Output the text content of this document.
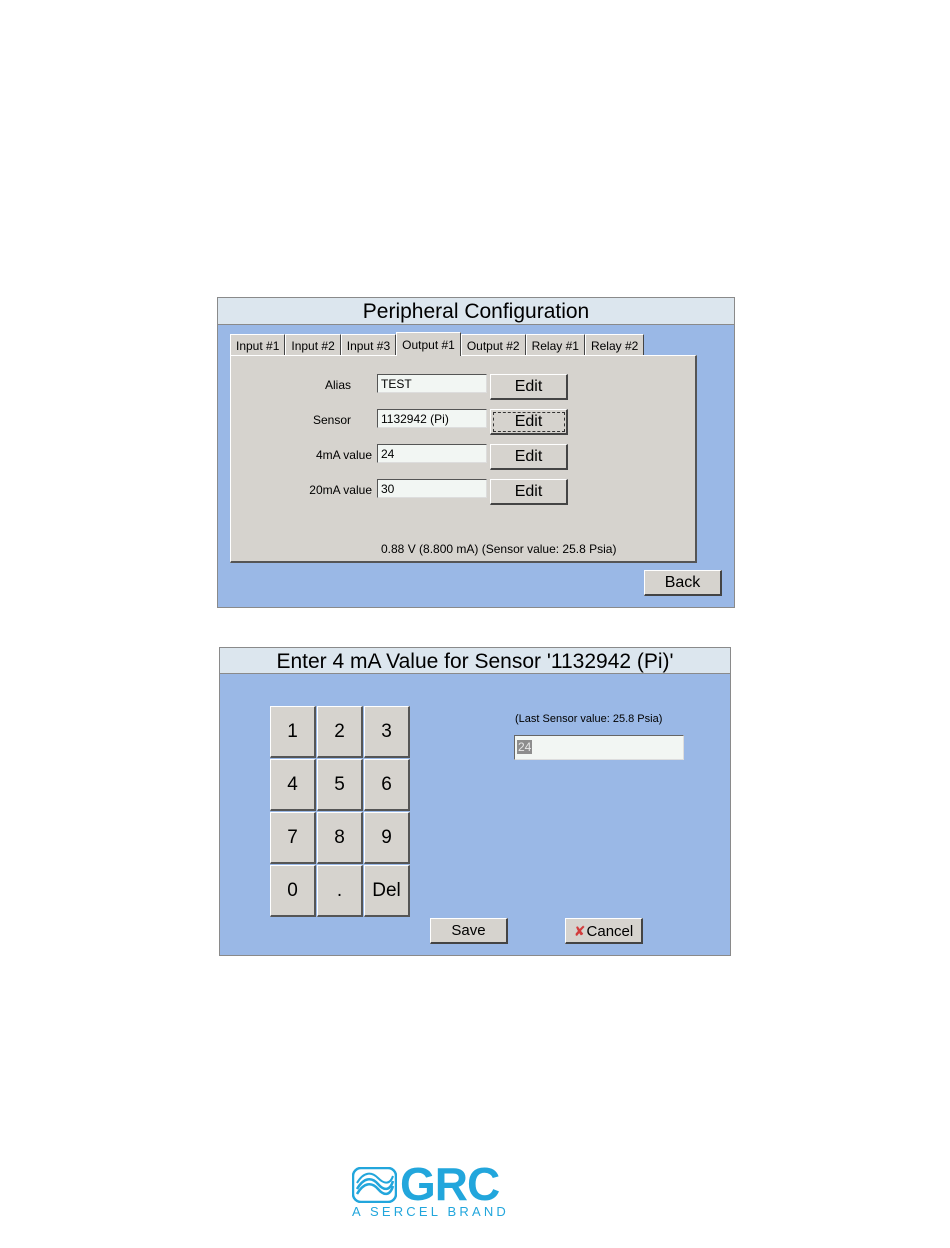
Peripheral Configuration
Input #1	Input #2	Input #3	Output #1	Output #2	Relay #1	Relay #2
Alias	TEST	Edit
Sensor	1132942 (Pi)	Edit
4mA value 24	Edit
20mA value 30	Edit
0.88 V (8.800 mA) (Sensor value: 25.8 Psia)
Back
Enter 4 mA Value for Sensor '1132942 (Pi)'
1	2	3
4	5	6
7	8	9
0	.	Del
(Last Sensor value: 25.8 Psia)
24
Save	✘Cancel
GRC
A SERCEL BRAND
